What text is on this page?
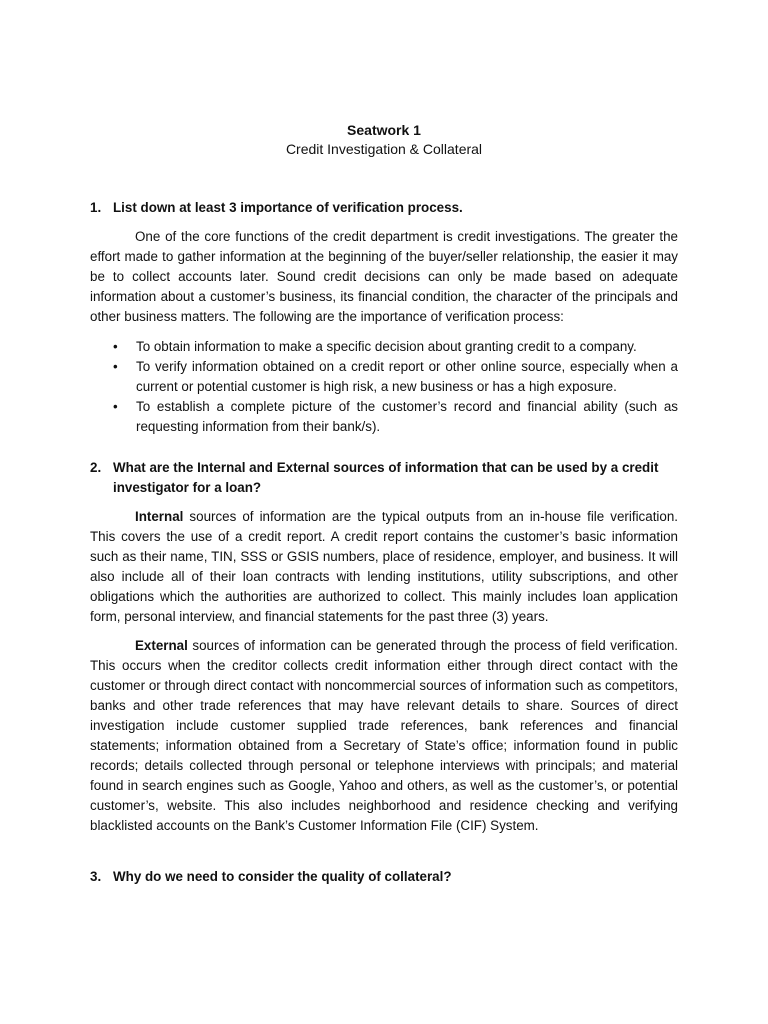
Seatwork 1
Credit Investigation & Collateral

1. List down at least 3 importance of verification process.

One of the core functions of the credit department is credit investigations. The greater the effort made to gather information at the beginning of the buyer/seller relationship, the easier it may be to collect accounts later. Sound credit decisions can only be made based on adequate information about a customer’s business, its financial condition, the character of the principals and other business matters. The following are the importance of verification process:

• To obtain information to make a specific decision about granting credit to a company.
• To verify information obtained on a credit report or other online source, especially when a current or potential customer is high risk, a new business or has a high exposure.
• To establish a complete picture of the customer’s record and financial ability (such as requesting information from their bank/s).

2. What are the Internal and External sources of information that can be used by a credit investigator for a loan?

Internal sources of information are the typical outputs from an in-house file verification. This covers the use of a credit report. A credit report contains the customer’s basic information such as their name, TIN, SSS or GSIS numbers, place of residence, employer, and business. It will also include all of their loan contracts with lending institutions, utility subscriptions, and other obligations which the authorities are authorized to collect. This mainly includes loan application form, personal interview, and financial statements for the past three (3) years.

External sources of information can be generated through the process of field verification. This occurs when the creditor collects credit information either through direct contact with the customer or through direct contact with noncommercial sources of information such as competitors, banks and other trade references that may have relevant details to share. Sources of direct investigation include customer supplied trade references, bank references and financial statements; information obtained from a Secretary of State’s office; information found in public records; details collected through personal or telephone interviews with principals; and material found in search engines such as Google, Yahoo and others, as well as the customer’s, or potential customer’s, website. This also includes neighborhood and residence checking and verifying blacklisted accounts on the Bank’s Customer Information File (CIF) System.

3. Why do we need to consider the quality of collateral?
